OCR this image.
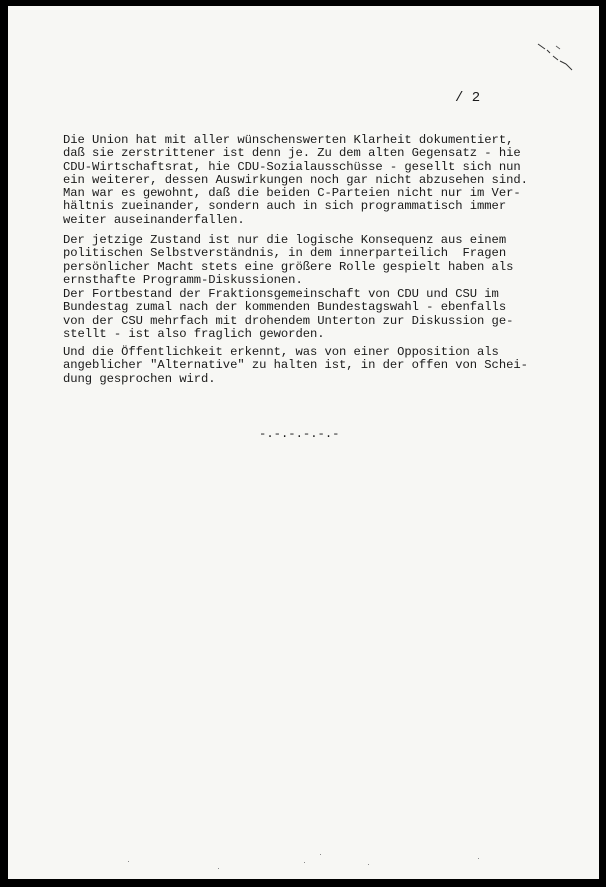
/ 2

Die Union hat mit aller wünschenswerten Klarheit dokumentiert,
daß sie zerstrittener ist denn je. Zu dem alten Gegensatz - hie
CDU-Wirtschaftsrat, hie CDU-Sozialausschüsse - gesellt sich nun
ein weiterer, dessen Auswirkungen noch gar nicht abzusehen sind.
Man war es gewohnt, daß die beiden C-Parteien nicht nur im Ver-
hältnis zueinander, sondern auch in sich programmatisch immer
weiter auseinanderfallen.

Der jetzige Zustand ist nur die logische Konsequenz aus einem
politischen Selbstverständnis, in dem innerparteilich  Fragen
persönlicher Macht stets eine größere Rolle gespielt haben als
ernsthafte Programm-Diskussionen.

Der Fortbestand der Fraktionsgemeinschaft von CDU und CSU im
Bundestag zumal nach der kommenden Bundestagswahl - ebenfalls
von der CSU mehrfach mit drohendem Unterton zur Diskussion ge-
stellt - ist also fraglich geworden.

Und die Öffentlichkeit erkennt, was von einer Opposition als
angeblicher "Alternative" zu halten ist, in der offen von Schei-
dung gesprochen wird.

-.-.-.-.-.-
